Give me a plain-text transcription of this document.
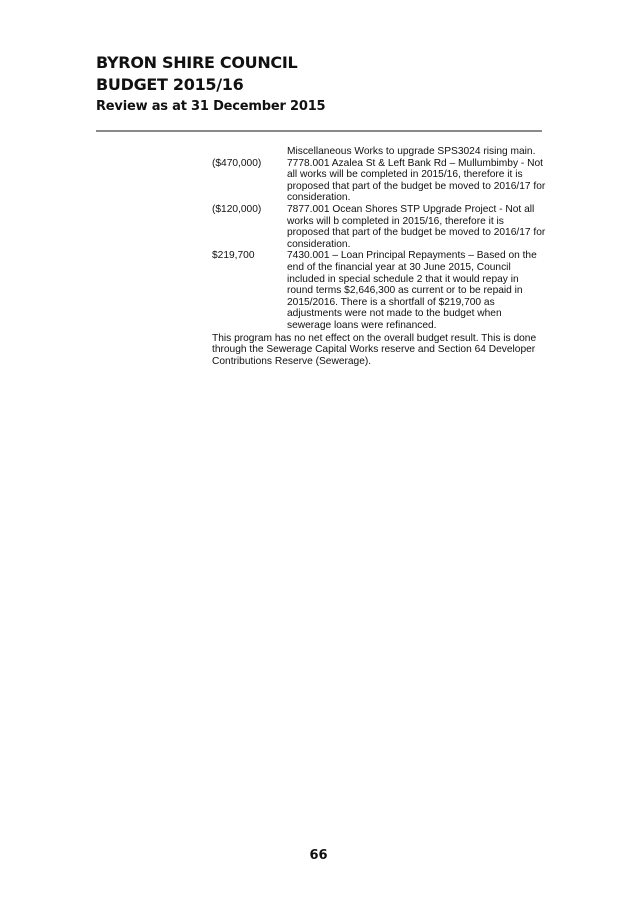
BYRON SHIRE COUNCIL
BUDGET 2015/16
Review as at 31 December 2015
Miscellaneous Works to upgrade SPS3024 rising main.
($470,000)	7778.001 Azalea St & Left Bank Rd – Mullumbimby - Not all works will be completed in 2015/16, therefore it is proposed that part of the budget be moved to 2016/17 for consideration.
($120,000)	7877.001 Ocean Shores STP Upgrade Project - Not all works will b completed in 2015/16, therefore it is proposed that part of the budget be moved to 2016/17 for consideration.
$219,700	7430.001 – Loan Principal Repayments – Based on the end of the financial year at 30 June 2015, Council included in special schedule 2 that it would repay in round terms $2,646,300 as current or to be repaid in 2015/2016. There is a shortfall of $219,700 as adjustments were not made to the budget when sewerage loans were refinanced.
This program has no net effect on the overall budget result. This is done through the Sewerage Capital Works reserve and Section 64 Developer Contributions Reserve (Sewerage).
66
